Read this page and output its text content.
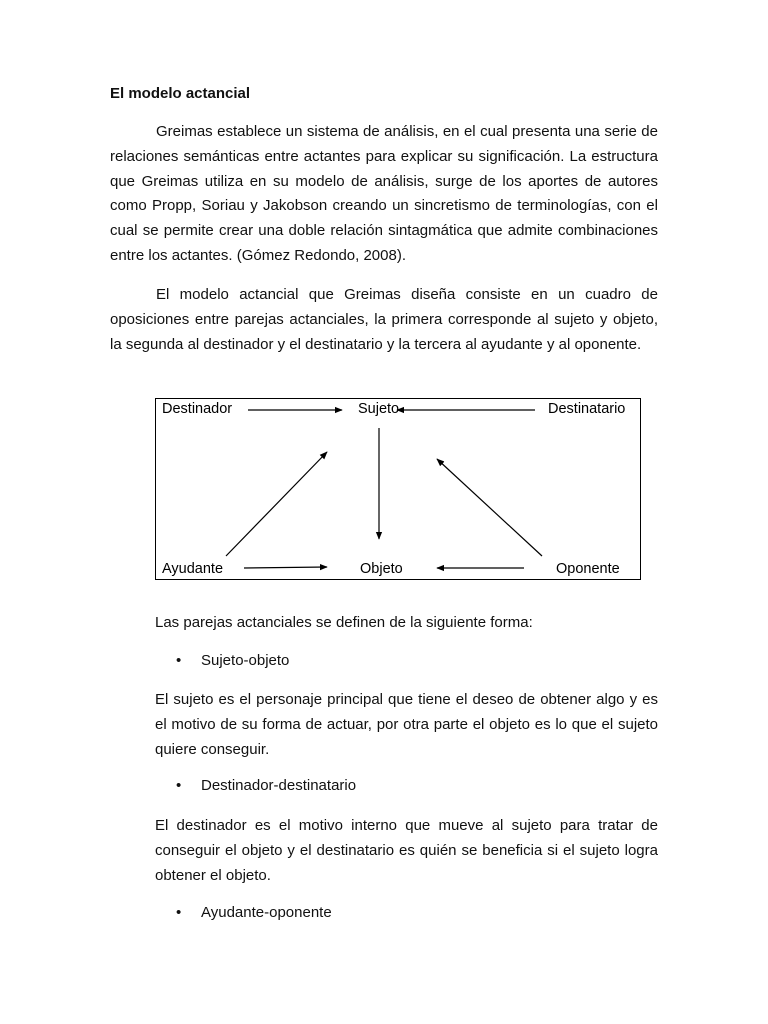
El modelo actancial

Greimas establece un sistema de análisis, en el cual presenta una serie de relaciones semánticas entre actantes para explicar su significación. La estructura que Greimas utiliza en su modelo de análisis, surge de los aportes de autores como Propp, Soriau y Jakobson creando un sincretismo de terminologías, con el cual se permite crear una doble relación sintagmática que admite combinaciones entre los actantes. (Gómez Redondo, 2008).

El modelo actancial que Greimas diseña consiste en un cuadro de oposiciones entre parejas actanciales, la primera corresponde al sujeto y objeto, la segunda al destinador y el destinatario y la tercera al ayudante y al oponente.

Destinador	Sujeto	Destinatario
Ayudante	Objeto	Oponente

Las parejas actanciales se definen de la siguiente forma:

• Sujeto-objeto

El sujeto es el personaje principal que tiene el deseo de obtener algo y es el motivo de su forma de actuar, por otra parte el objeto es lo que el sujeto quiere conseguir.

• Destinador-destinatario

El destinador es el motivo interno que mueve al sujeto para tratar de conseguir el objeto y el destinatario es quién se beneficia si el sujeto logra obtener el objeto.

• Ayudante-oponente
